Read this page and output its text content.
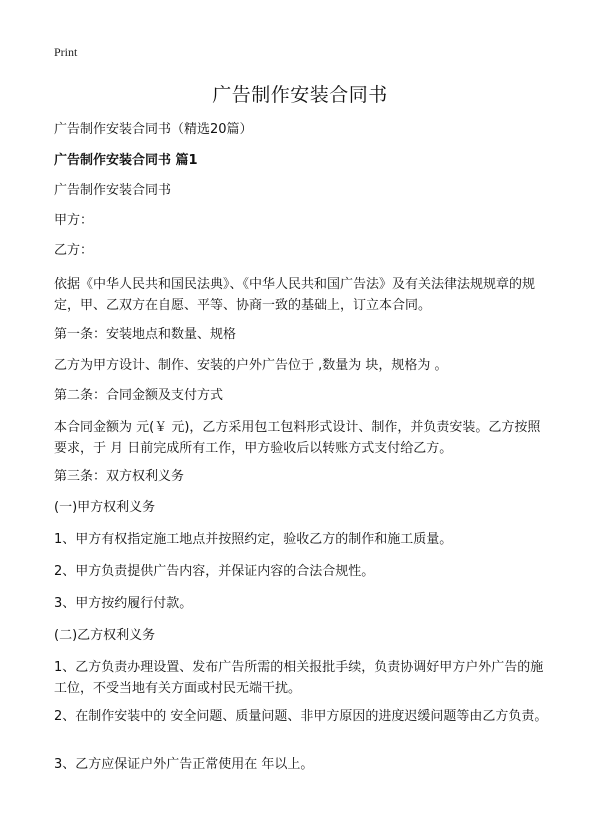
Print
广告制作安装合同书

广告制作安装合同书（精选20篇）

广告制作安装合同书 篇1

广告制作安装合同书

甲方：

乙方：

依据《中华人民共和国民法典》、《中华人民共和国广告法》及有关法律法规规章的规定，甲、乙双方在自愿、平等、协商一致的基础上，订立本合同。

第一条：安装地点和数量、规格

乙方为甲方设计、制作、安装的户外广告位于 ,数量为 块，规格为 。

第二条：合同金额及支付方式

本合同金额为 元(￥ 元)，乙方采用包工包料形式设计、制作，并负责安装。乙方按照要求，于 月 日前完成所有工作，甲方验收后以转账方式支付给乙方。

第三条：双方权利义务

(一)甲方权利义务

1、甲方有权指定施工地点并按照约定，验收乙方的制作和施工质量。

2、甲方负责提供广告内容，并保证内容的合法合规性。

3、甲方按约履行付款。

(二)乙方权利义务

1、乙方负责办理设置、发布广告所需的相关报批手续，负责协调好甲方户外广告的施工位，不受当地有关方面或村民无端干扰。

2、在制作安装中的 安全问题、质量问题、非甲方原因的进度迟缓问题等由乙方负责。

3、乙方应保证户外广告正常使用在 年以上。
